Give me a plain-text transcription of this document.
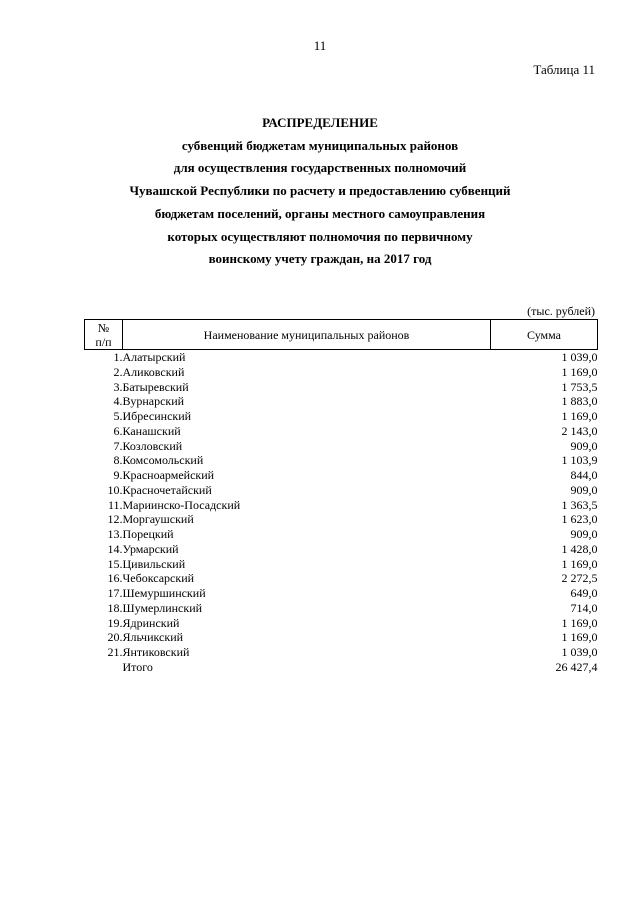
11
Таблица 11
РАСПРЕДЕЛЕНИЕ
субвенций бюджетам муниципальных районов
для осуществления государственных полномочий
Чувашской Республики по расчету и предоставлению субвенций
бюджетам поселений, органы местного самоуправления
которых осуществляют полномочия по первичному
воинскому учету граждан, на 2017 год
(тыс. рублей)
№
п/п	Наименование муниципальных районов	Сумма
1.	Алатырский	1 039,0
2.	Аликовский	1 169,0
3.	Батыревский	1 753,5
4.	Вурнарский	1 883,0
5.	Ибресинский	1 169,0
6.	Канашский	2 143,0
7.	Козловский	909,0
8.	Комсомольский	1 103,9
9.	Красноармейский	844,0
10.	Красночетайский	909,0
11.	Мариинско-Посадский	1 363,5
12.	Моргаушский	1 623,0
13.	Порецкий	909,0
14.	Урмарский	1 428,0
15.	Цивильский	1 169,0
16.	Чебоксарский	2 272,5
17.	Шемуршинский	649,0
18.	Шумерлинский	714,0
19.	Ядринский	1 169,0
20.	Яльчикский	1 169,0
21.	Янтиковский	1 039,0
	Итого	26 427,4
